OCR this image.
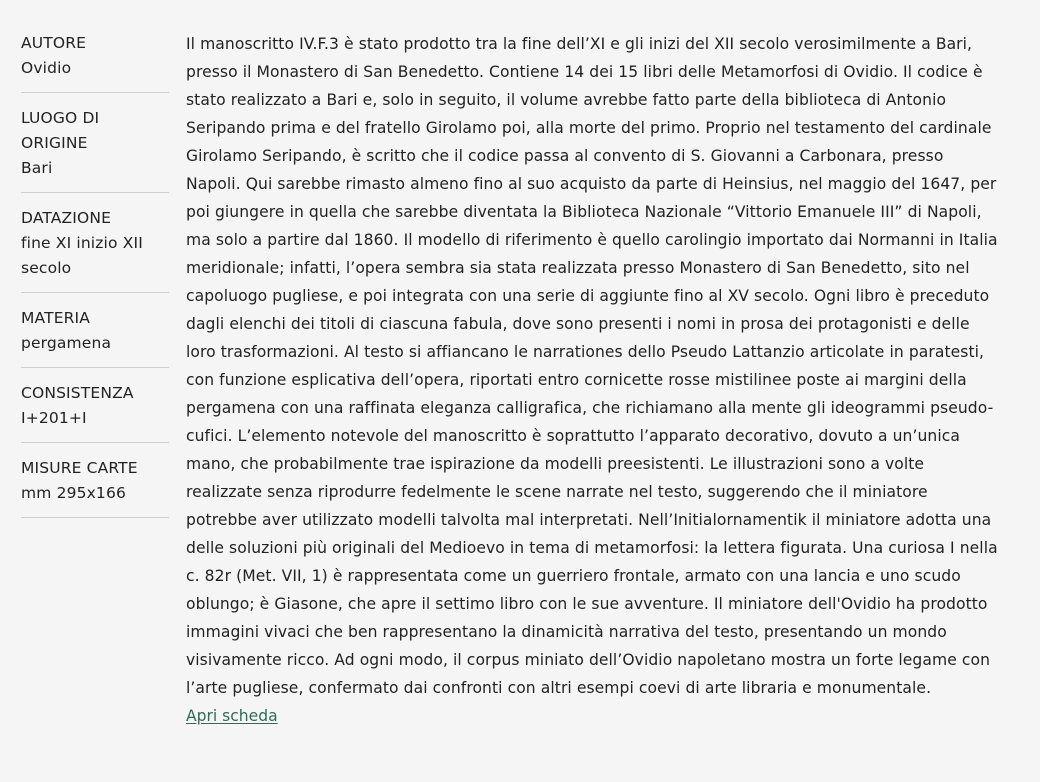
AUTORE
Ovidio
LUOGO DI ORIGINE
Bari
DATAZIONE
fine XI inizio XII secolo
MATERIA
pergamena
CONSISTENZA
I+201+I
MISURE CARTE
mm 295x166

Il manoscritto IV.F.3 è stato prodotto tra la fine dell’XI e gli inizi del XII secolo verosimilmente a Bari, presso il Monastero di San Benedetto. Contiene 14 dei 15 libri delle Metamorfosi di Ovidio. Il codice è stato realizzato a Bari e, solo in seguito, il volume avrebbe fatto parte della biblioteca di Antonio Seripando prima e del fratello Girolamo poi, alla morte del primo. Proprio nel testamento del cardinale Girolamo Seripando, è scritto che il codice passa al convento di S. Giovanni a Carbonara, presso Napoli. Qui sarebbe rimasto almeno fino al suo acquisto da parte di Heinsius, nel maggio del 1647, per poi giungere in quella che sarebbe diventata la Biblioteca Nazionale “Vittorio Emanuele III” di Napoli, ma solo a partire dal 1860. Il modello di riferimento è quello carolingio importato dai Normanni in Italia meridionale; infatti, l’opera sembra sia stata realizzata presso Monastero di San Benedetto, sito nel capoluogo pugliese, e poi integrata con una serie di aggiunte fino al XV secolo. Ogni libro è preceduto dagli elenchi dei titoli di ciascuna fabula, dove sono presenti i nomi in prosa dei protagonisti e delle loro trasformazioni. Al testo si affiancano le narrationes dello Pseudo Lattanzio articolate in paratesti, con funzione esplicativa dell’opera, riportati entro cornicette rosse mistilinee poste ai margini della pergamena con una raffinata eleganza calligrafica, che richiamano alla mente gli ideogrammi pseudo-cufici. L’elemento notevole del manoscritto è soprattutto l’apparato decorativo, dovuto a un’unica mano, che probabilmente trae ispirazione da modelli preesistenti. Le illustrazioni sono a volte realizzate senza riprodurre fedelmente le scene narrate nel testo, suggerendo che il miniatore potrebbe aver utilizzato modelli talvolta mal interpretati. Nell’Initialornamentik il miniatore adotta una delle soluzioni più originali del Medioevo in tema di metamorfosi: la lettera figurata. Una curiosa I nella c. 82r (Met. VII, 1) è rappresentata come un guerriero frontale, armato con una lancia e uno scudo oblungo; è Giasone, che apre il settimo libro con le sue avventure. Il miniatore dell'Ovidio ha prodotto immagini vivaci che ben rappresentano la dinamicità narrativa del testo, presentando un mondo visivamente ricco. Ad ogni modo, il corpus miniato dell’Ovidio napoletano mostra un forte legame con l’arte pugliese, confermato dai confronti con altri esempi coevi di arte libraria e monumentale.

Apri scheda
